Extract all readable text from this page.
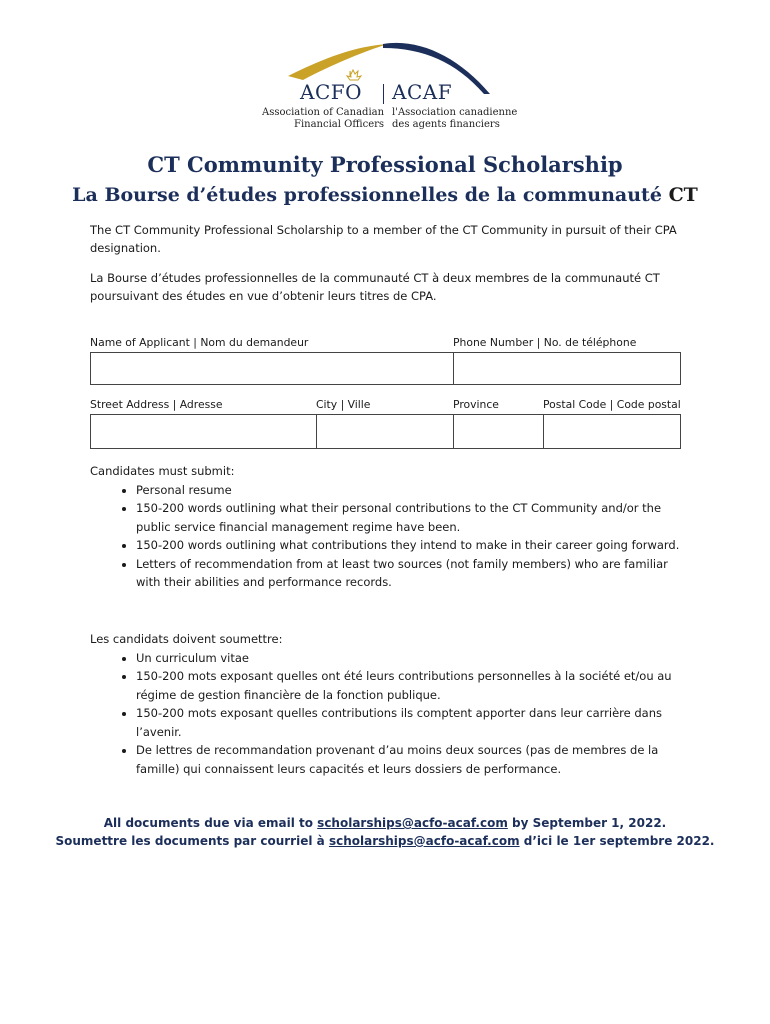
ACFO ACAF
Association of Canadian
Financial Officers
l'Association canadienne
des agents financiers
CT Community Professional Scholarship
La Bourse d’études professionnelles de la communauté CT
The CT Community Professional Scholarship to a member of the CT Community in pursuit of their CPA designation.
La Bourse d’études professionnelles de la communauté CT à deux membres de la communauté CT poursuivant des études en vue d’obtenir leurs titres de CPA.
Name of Applicant | Nom du demandeur	Phone Number | No. de téléphone
Street Address | Adresse	City | Ville	Province	Postal Code | Code postal
Candidates must submit:
• Personal resume
• 150-200 words outlining what their personal contributions to the CT Community and/or the public service financial management regime have been.
• 150-200 words outlining what contributions they intend to make in their career going forward.
• Letters of recommendation from at least two sources (not family members) who are familiar with their abilities and performance records.
Les candidats doivent soumettre:
• Un curriculum vitae
• 150-200 mots exposant quelles ont été leurs contributions personnelles à la société et/ou au régime de gestion financière de la fonction publique.
• 150-200 mots exposant quelles contributions ils comptent apporter dans leur carrière dans l’avenir.
• De lettres de recommandation provenant d’au moins deux sources (pas de membres de la famille) qui connaissent leurs capacités et leurs dossiers de performance.
All documents due via email to scholarships@acfo-acaf.com by September 1, 2022.
Soumettre les documents par courriel à scholarships@acfo-acaf.com d’ici le 1er septembre 2022.
